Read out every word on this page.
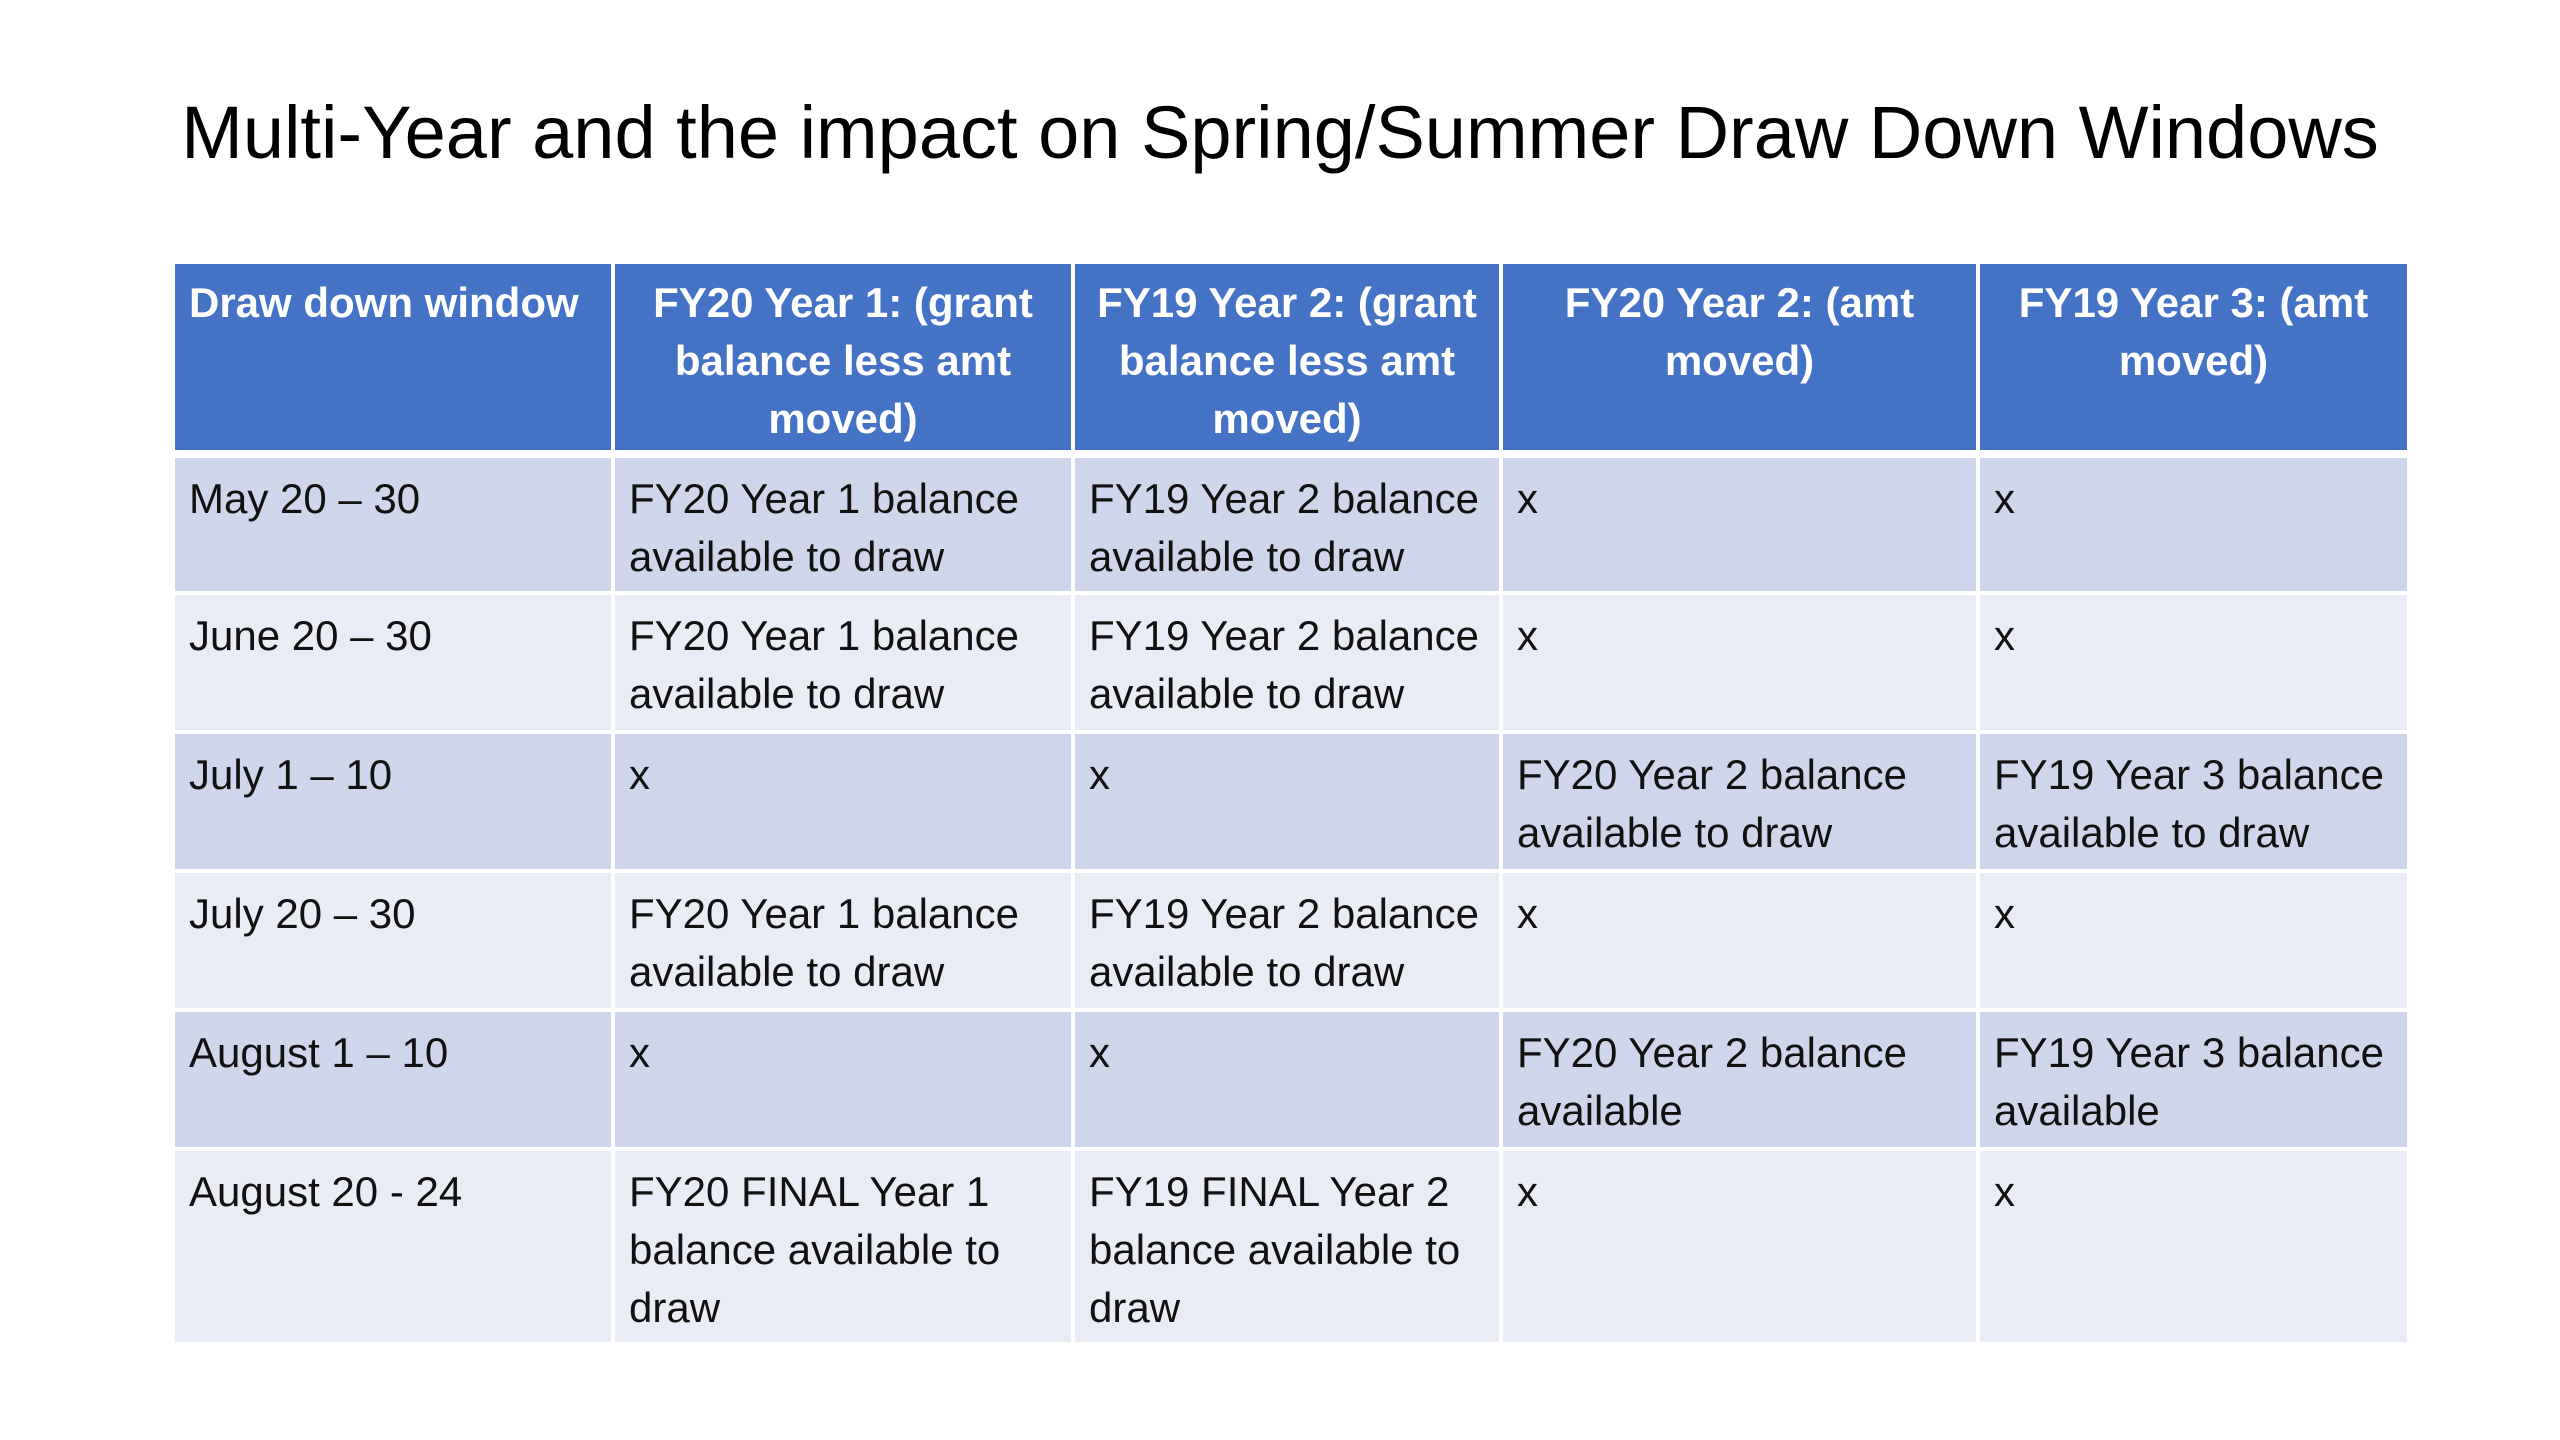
Multi-Year and the impact on Spring/Summer Draw Down Windows
Draw down window	FY20 Year 1: (grant balance less amt moved)	FY19 Year 2: (grant balance less amt moved)	FY20 Year 2: (amt moved)	FY19 Year 3: (amt moved)
May 20 – 30	FY20 Year 1 balance available to draw	FY19 Year 2 balance available to draw	x	x
June 20 – 30	FY20 Year 1 balance available to draw	FY19 Year 2 balance available to draw	x	x
July 1 – 10	x	x	FY20 Year 2 balance available to draw	FY19 Year 3 balance available to draw
July 20 – 30	FY20 Year 1 balance available to draw	FY19 Year 2 balance available to draw	x	x
August 1 – 10	x	x	FY20 Year 2 balance available	FY19 Year 3 balance available
August 20 - 24	FY20 FINAL Year 1 balance available to draw	FY19 FINAL Year 2 balance available to draw	x	x
